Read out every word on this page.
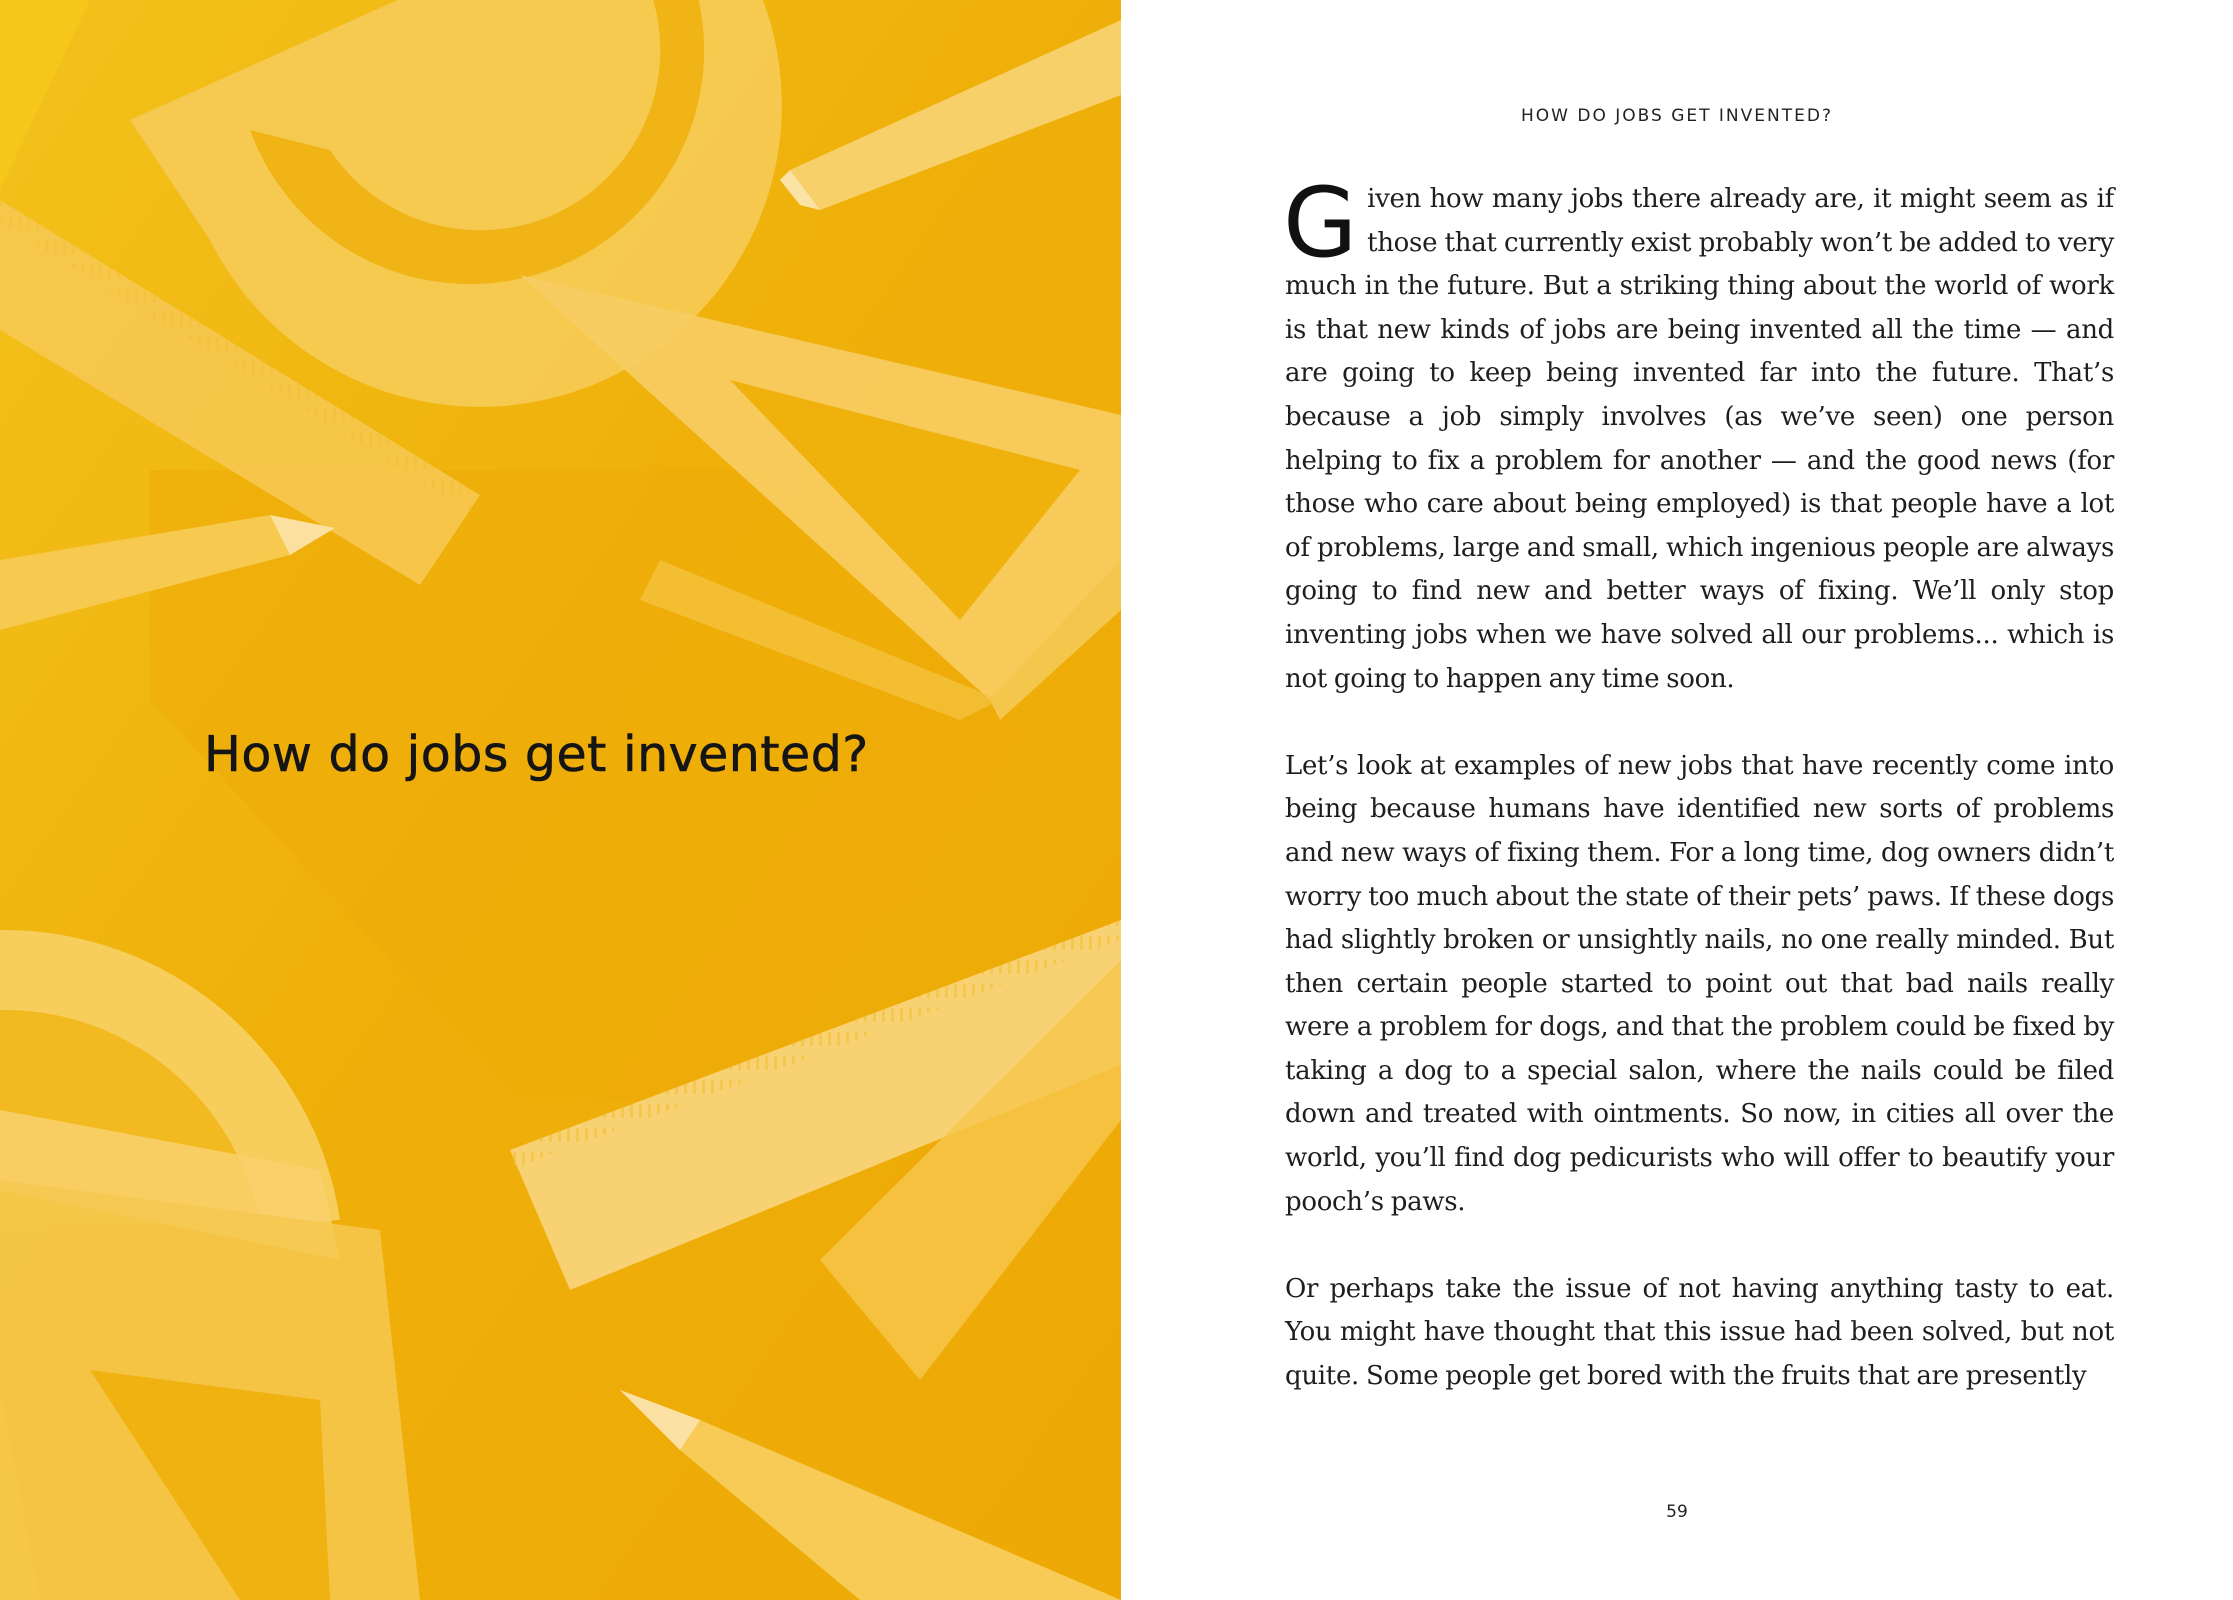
How do jobs get invented?
HOW DO JOBS GET INVENTED?

Given how many jobs there already are, it might seem as if those that currently exist probably won’t be added to very much in the future. But a striking thing about the world of work is that new kinds of jobs are being invented all the time — and are going to keep being invented far into the future. That’s because a job simply involves (as we’ve seen) one person helping to fix a problem for another — and the good news (for those who care about being employed) is that people have a lot of problems, large and small, which ingenious people are always going to find new and better ways of fixing. We’ll only stop inventing jobs when we have solved all our problems... which is not going to happen any time soon.

Let’s look at examples of new jobs that have recently come into being because humans have identified new sorts of problems and new ways of fixing them. For a long time, dog owners didn’t worry too much about the state of their pets’ paws. If these dogs had slightly broken or unsightly nails, no one really minded. But then certain people started to point out that bad nails really were a problem for dogs, and that the problem could be fixed by taking a dog to a special salon, where the nails could be filed down and treated with ointments. So now, in cities all over the world, you’ll find dog pedicurists who will offer to beautify your pooch’s paws.

Or perhaps take the issue of not having anything tasty to eat. You might have thought that this issue had been solved, but not quite. Some people get bored with the fruits that are presently

59
